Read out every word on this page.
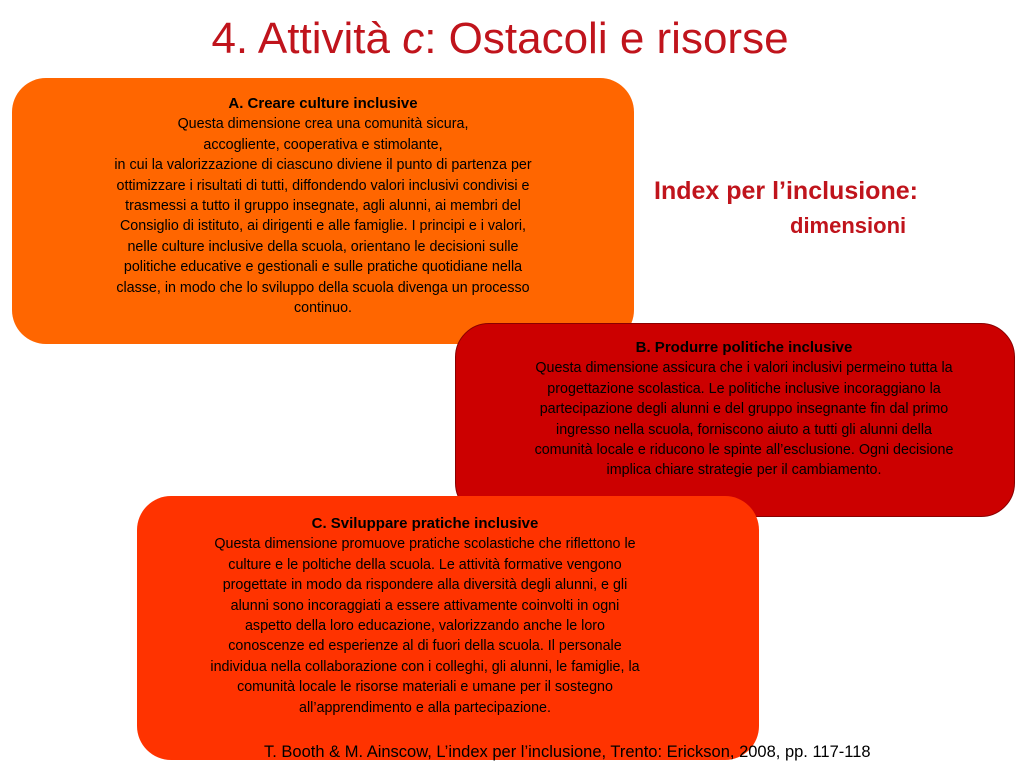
4. Attività c: Ostacoli e risorse

A. Creare culture inclusive

Questa dimensione crea una comunità sicura,

accogliente, cooperativa e stimolante,

in cui la valorizzazione di ciascuno diviene il punto di partenza per

ottimizzare i risultati di tutti, diffondendo valori inclusivi condivisi e

trasmessi a tutto il gruppo insegnate, agli alunni, ai membri del

Consiglio di istituto, ai dirigenti e alle famiglie. I principi e i valori,

nelle culture inclusive della scuola, orientano le decisioni sulle

politiche educative e gestionali e sulle pratiche quotidiane nella

classe, in modo che lo sviluppo della scuola divenga un processo

continuo.

Index per l’inclusione:
dimensioni

B. Produrre politiche inclusive

Questa dimensione assicura che i valori inclusivi permeino tutta la

progettazione scolastica. Le politiche inclusive incoraggiano la

partecipazione degli alunni e del gruppo insegnante fin dal primo

ingresso nella scuola, forniscono aiuto a tutti gli alunni della

comunità locale e riducono le spinte all’esclusione. Ogni decisione

implica chiare strategie per il cambiamento.

C. Sviluppare pratiche inclusive

Questa dimensione promuove pratiche scolastiche che riflettono le

culture e le poltiche della scuola. Le attività formative vengono

progettate in modo da rispondere alla diversità degli alunni, e gli

alunni sono incoraggiati a essere attivamente coinvolti in ogni

aspetto della loro educazione, valorizzando anche le loro

conoscenze ed esperienze al di fuori della scuola. Il personale

individua nella collaborazione con i colleghi, gli alunni, le famiglie, la

comunità locale le risorse materiali e umane per il sostegno

all’apprendimento e alla partecipazione.

T. Booth & M. Ainscow, L’index per l’inclusione, Trento: Erickson, 2008, pp. 117-118
